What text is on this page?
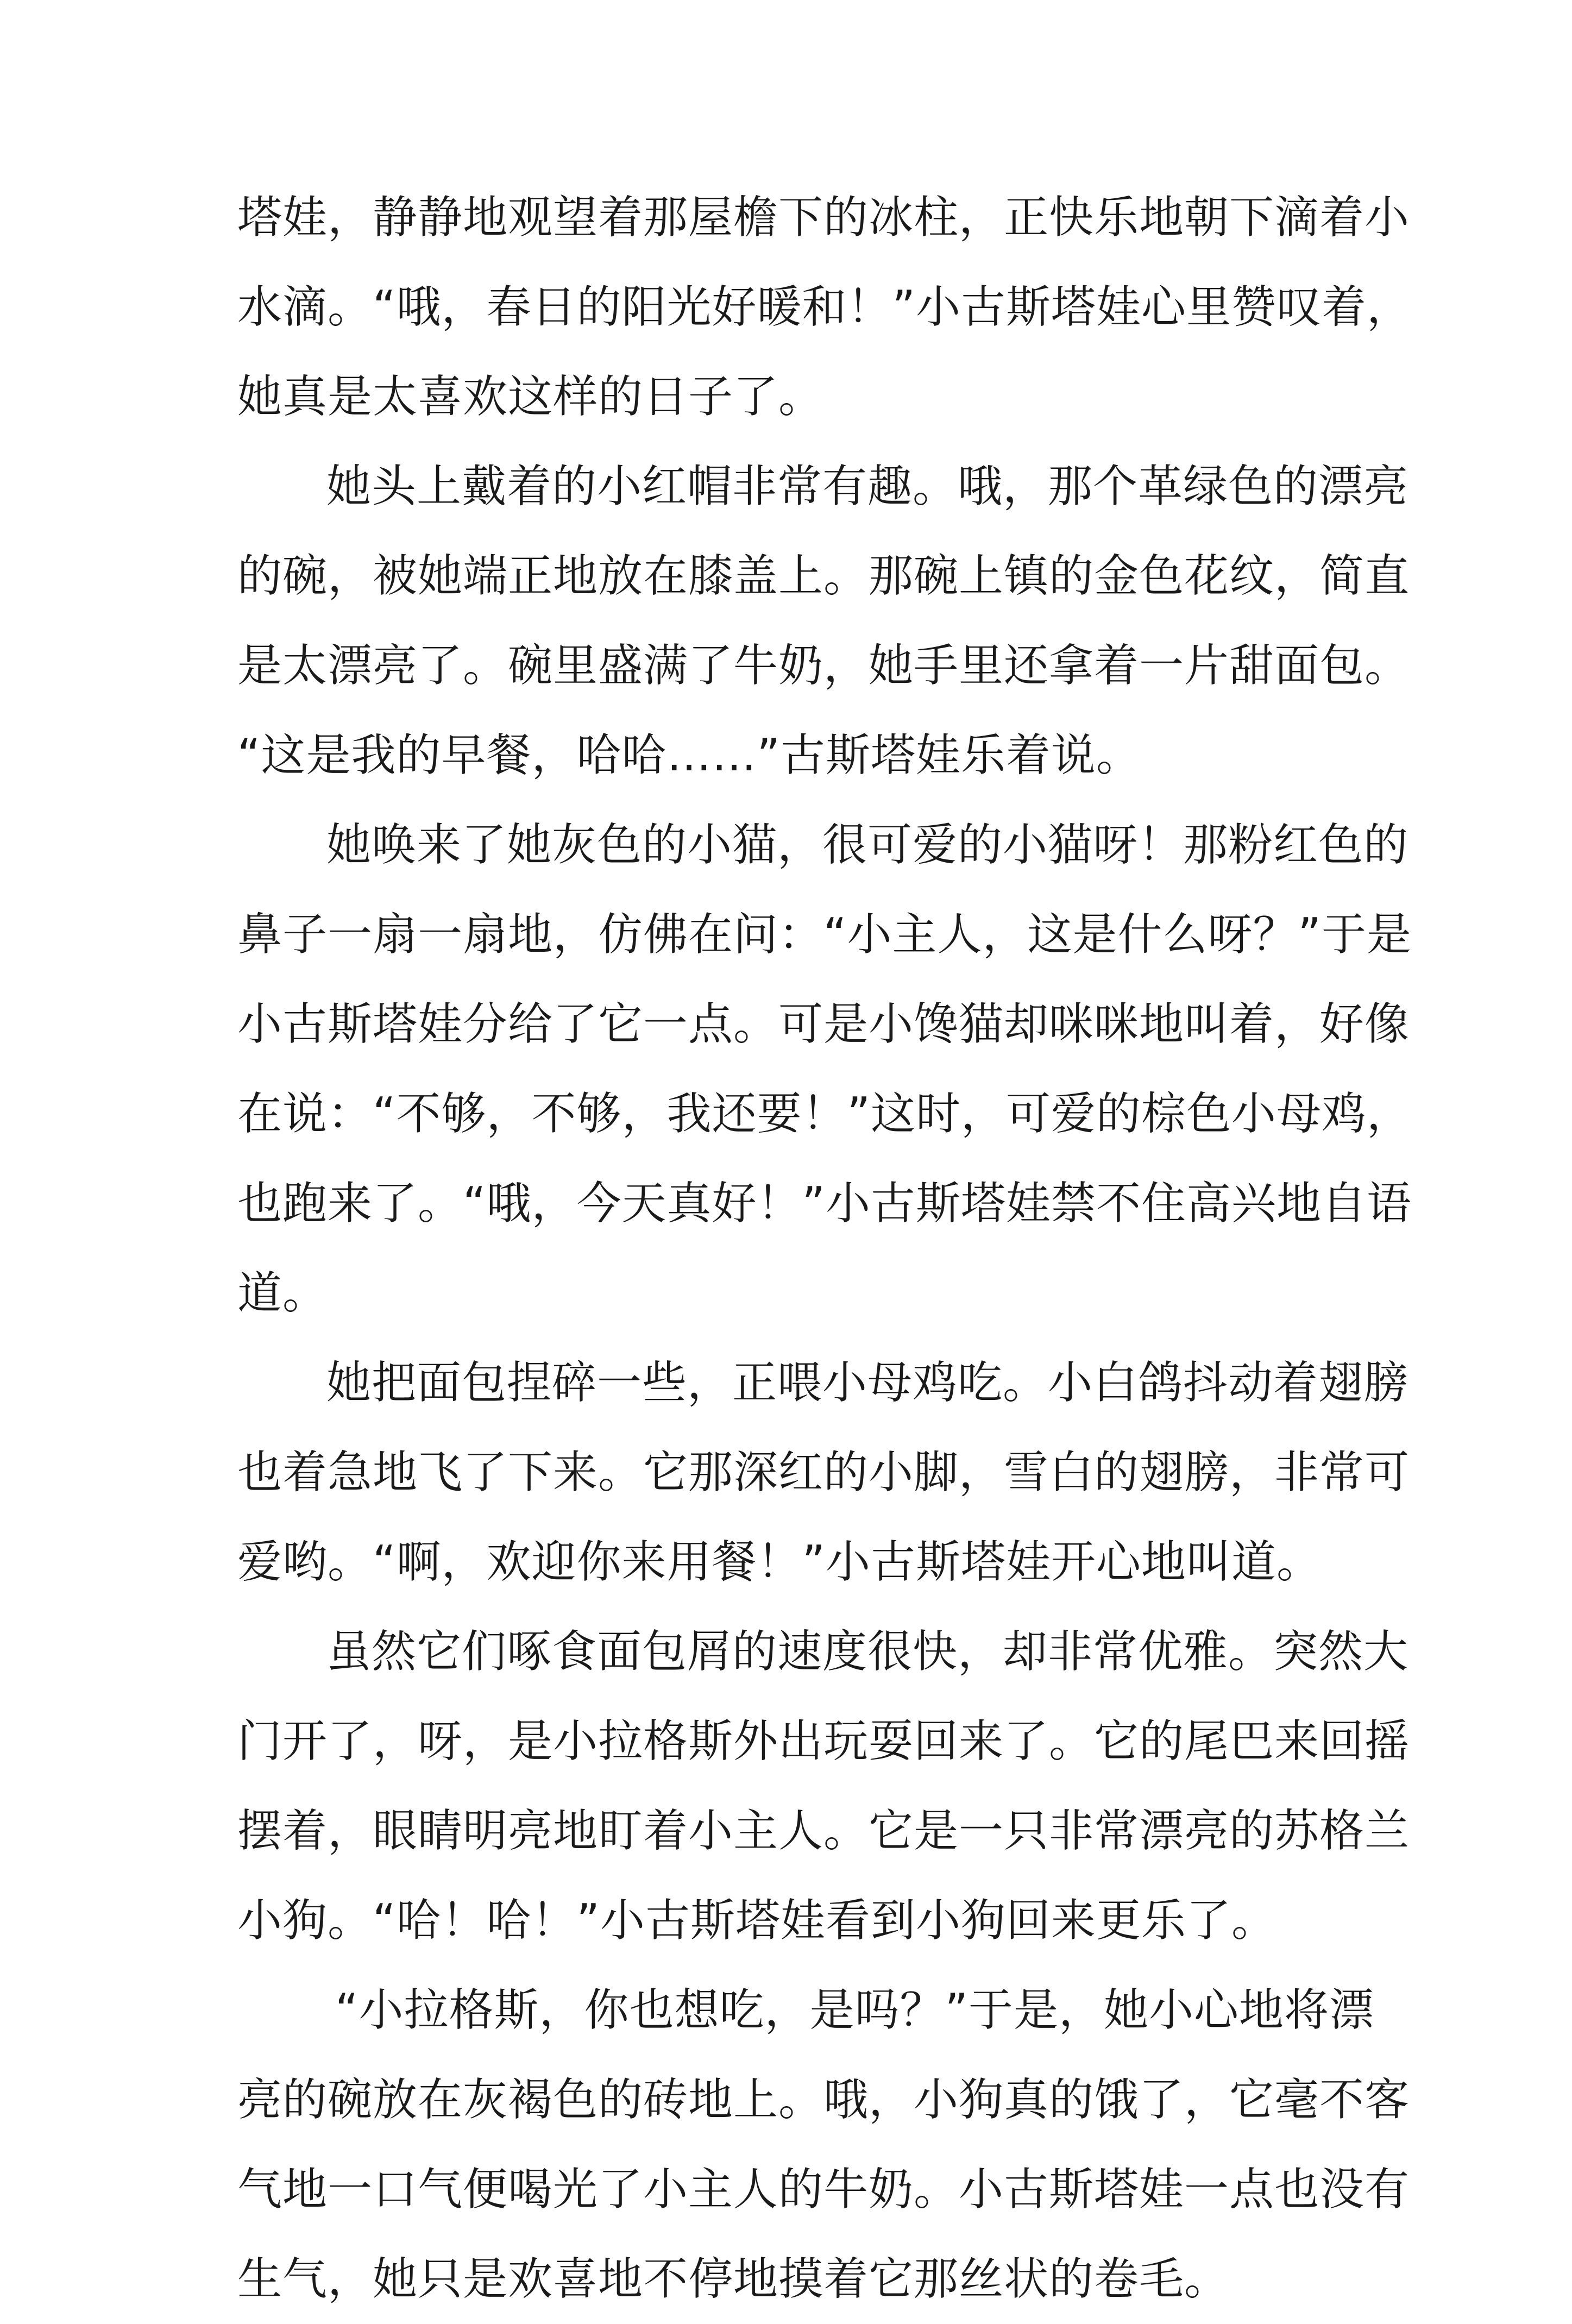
塔娃，静静地观望着那屋檐下的冰柱，正快乐地朝下滴着小
水滴。“哦，春日的阳光好暖和！”小古斯塔娃心里赞叹着，
她真是太喜欢这样的日子了。
她头上戴着的小红帽非常有趣。哦，那个革绿色的漂亮
的碗，被她端正地放在膝盖上。那碗上镇的金色花纹，简直
是太漂亮了。碗里盛满了牛奶，她手里还拿着一片甜面包。
“这是我的早餐，哈哈……”古斯塔娃乐着说。
她唤来了她灰色的小猫，很可爱的小猫呀！那粉红色的
鼻子一扇一扇地，仿佛在问：“小主人，这是什么呀？”于是
小古斯塔娃分给了它一点。可是小馋猫却咪咪地叫着，好像
在说：“不够，不够，我还要！”这时，可爱的棕色小母鸡，
也跑来了。“哦，今天真好！”小古斯塔娃禁不住高兴地自语
道。
她把面包捏碎一些，正喂小母鸡吃。小白鸽抖动着翅膀
也着急地飞了下来。它那深红的小脚，雪白的翅膀，非常可
爱哟。“啊，欢迎你来用餐！”小古斯塔娃开心地叫道。
虽然它们啄食面包屑的速度很快，却非常优雅。突然大
门开了，呀，是小拉格斯外出玩耍回来了。它的尾巴来回摇
摆着，眼睛明亮地盯着小主人。它是一只非常漂亮的苏格兰
小狗。“哈！哈！”小古斯塔娃看到小狗回来更乐了。
“小拉格斯，你也想吃，是吗？”于是，她小心地将漂
亮的碗放在灰褐色的砖地上。哦，小狗真的饿了，它毫不客
气地一口气便喝光了小主人的牛奶。小古斯塔娃一点也没有
生气，她只是欢喜地不停地摸着它那丝状的卷毛。
